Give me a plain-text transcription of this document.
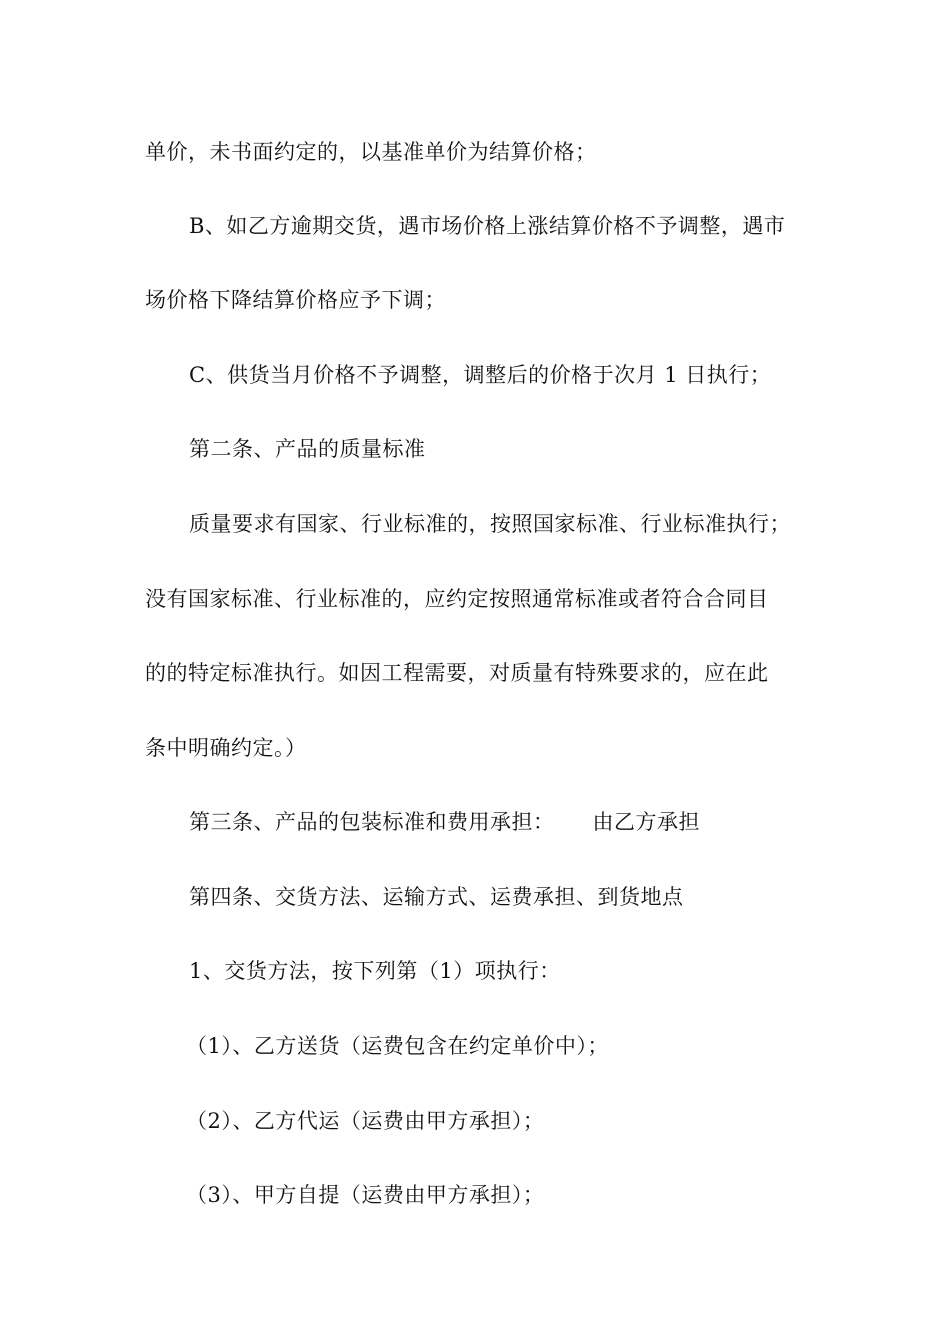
单价，未书面约定的，以基准单价为结算价格；
B、如乙方逾期交货，遇市场价格上涨结算价格不予调整，遇市
场价格下降结算价格应予下调；
C、供货当月价格不予调整，调整后的价格于次月 1 日执行；
第二条、产品的质量标准
质量要求有国家、行业标准的，按照国家标准、行业标准执行；
没有国家标准、行业标准的，应约定按照通常标准或者符合合同目
的的特定标准执行。如因工程需要，对质量有特殊要求的，应在此
条中明确约定。）
第三条、产品的包装标准和费用承担： 由乙方承担
第四条、交货方法、运输方式、运费承担、到货地点
1、交货方法，按下列第（1）项执行：
（1）、乙方送货（运费包含在约定单价中）；
（2）、乙方代运（运费由甲方承担）；
（3）、甲方自提（运费由甲方承担）；
